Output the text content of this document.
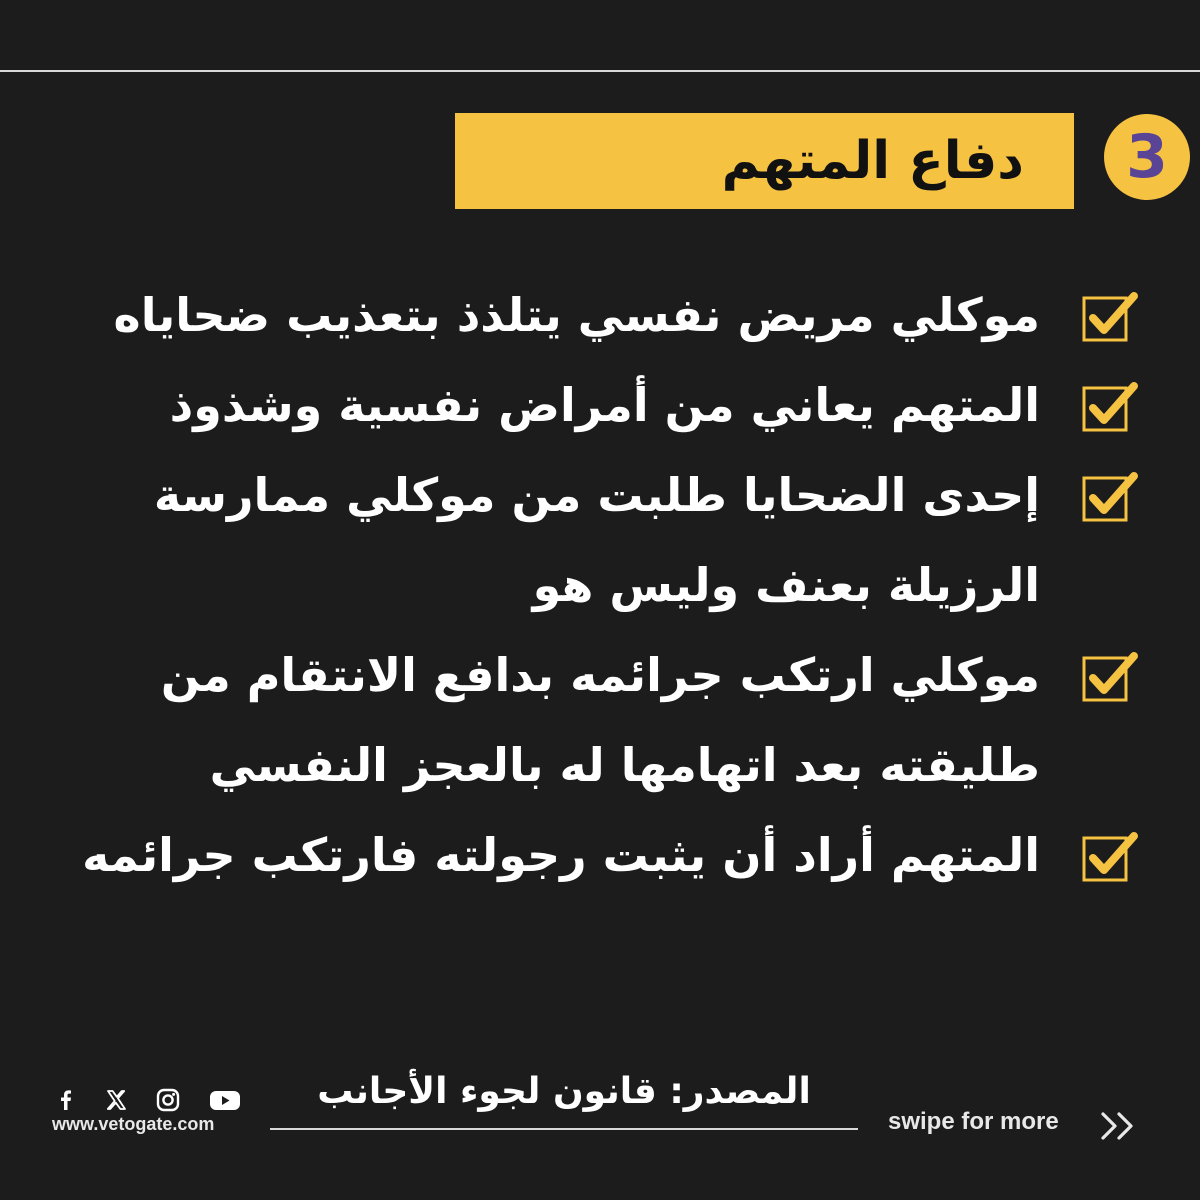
3
دفاع المتهم
موكلي مريض نفسي يتلذذ بتعذيب ضحاياه
المتهم يعاني من أمراض نفسية وشذوذ
إحدى الضحايا طلبت من موكلي ممارسة
الرزيلة بعنف وليس هو
موكلي ارتكب جرائمه بدافع الانتقام من
طليقته بعد اتهامها له بالعجز النفسي
المتهم أراد أن يثبت رجولته فارتكب جرائمه
المصدر: قانون لجوء الأجانب
www.vetogate.com	swipe for more
